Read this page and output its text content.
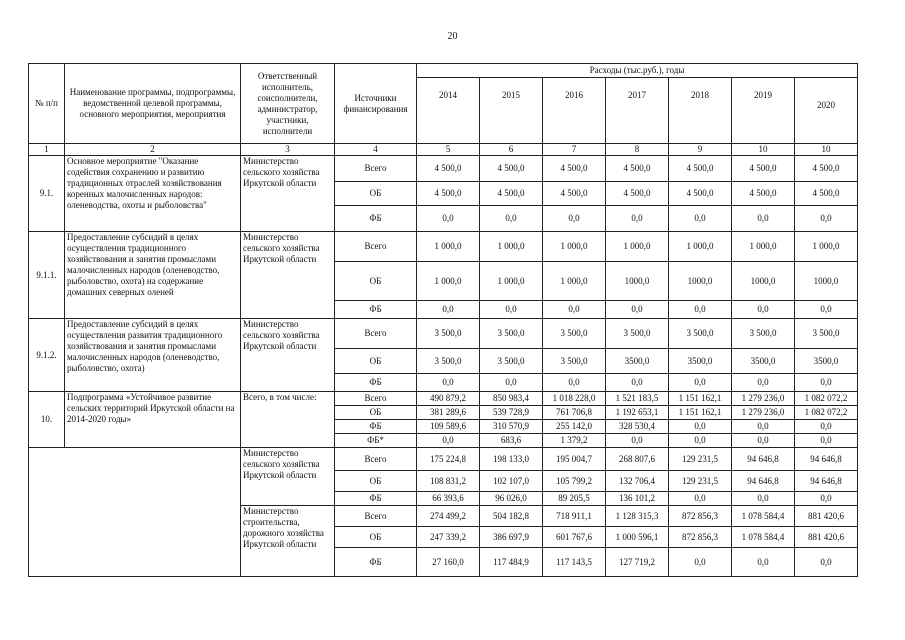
20
№ п/п	Наименование программы, подпрограммы, ведомственной целевой программы, основного мероприятия, мероприятия	Ответственный исполнитель, соисполнители, администратор, участники, исполнители	Источники финансирования	Расходы (тыс.руб.), годы						
				2014	2015	2016	2017	2018	2019	2020
1	2	3	4	5	6	7	8	9	10	10
9.1.	Основное мероприятие "Оказание содействия сохранению и развитию традиционных отраслей хозяйствования коренных малочисленных народов: оленеводства, охоты и рыболовства"	Министерство сельского хозяйства Иркутской области	Всего	4 500,0	4 500,0	4 500,0	4 500,0	4 500,0	4 500,0	4 500,0
			ОБ	4 500,0	4 500,0	4 500,0	4 500,0	4 500,0	4 500,0	4 500,0
			ФБ	0,0	0,0	0,0	0,0	0,0	0,0	0,0
9.1.1.	Предоставление субсидий в целях осуществления традиционного хозяйствования и занятия промыслами малочисленных народов (оленеводство, рыболовство, охота) на содержание домашних северных оленей	Министерство сельского хозяйства Иркутской области	Всего	1 000,0	1 000,0	1 000,0	1 000,0	1 000,0	1 000,0	1 000,0
			ОБ	1 000,0	1 000,0	1 000,0	1000,0	1000,0	1000,0	1000,0
			ФБ	0,0	0,0	0,0	0,0	0,0	0,0	0,0
9.1.2.	Предоставление субсидий в целях осуществления развития традиционного хозяйствования и занятия промыслами малочисленных народов (оленеводство, рыболовство, охота)	Министерство сельского хозяйства Иркутской области	Всего	3 500,0	3 500,0	3 500,0	3 500,0	3 500,0	3 500,0	3 500,0
			ОБ	3 500,0	3 500,0	3 500,0	3500,0	3500,0	3500,0	3500,0
			ФБ	0,0	0,0	0,0	0,0	0,0	0,0	0,0
10.	Подпрограмма «Устойчивое развитие сельских территорий Иркутской области на 2014-2020 годы»	Всего, в том числе:	Всего	490 879,2	850 983,4	1 018 228,0	1 521 183,5	1 151 162,1	1 279 236,0	1 082 072,2
			ОБ	381 289,6	539 728,9	761 706,8	1 192 653,1	1 151 162,1	1 279 236,0	1 082 072,2
			ФБ	109 589,6	310 570,9	255 142,0	328 530,4	0,0	0,0	0,0
			ФБ*	0,0	683,6	1 379,2	0,0	0,0	0,0	0,0
		Министерство сельского хозяйства Иркутской области	Всего	175 224,8	198 133,0	195 004,7	268 807,6	129 231,5	94 646,8	94 646,8
			ОБ	108 831,2	102 107,0	105 799,2	132 706,4	129 231,5	94 646,8	94 646,8
			ФБ	66 393,6	96 026,0	89 205,5	136 101,2	0,0	0,0	0,0
		Министерство строительства, дорожного хозяйства Иркутской области	Всего	274 499,2	504 182,8	718 911,1	1 128 315,3	872 856,3	1 078 584,4	881 420,6
			ОБ	247 339,2	386 697,9	601 767,6	1 000 596,1	872 856,3	1 078 584,4	881 420,6
			ФБ	27 160,0	117 484,9	117 143,5	127 719,2	0,0	0,0	0,0
